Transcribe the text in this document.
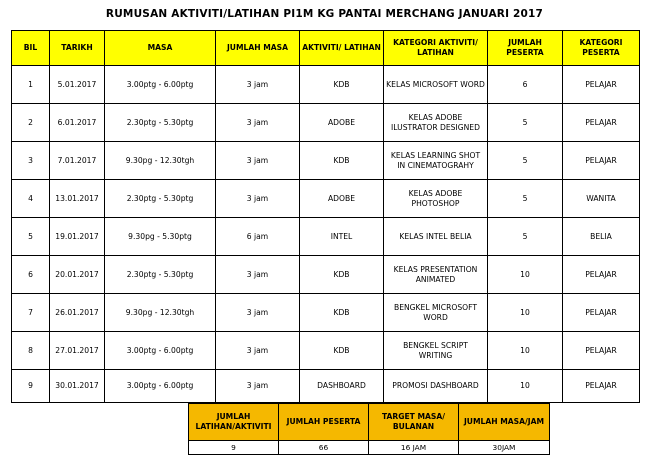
RUMUSAN AKTIVITI/LATIHAN PI1M KG PANTAI MERCHANG JANUARI 2017
BIL	TARIKH	MASA	JUMLAH MASA	AKTIVITI/ LATIHAN	KATEGORI AKTIVITI/ LATIHAN	JUMLAH PESERTA	KATEGORI PESERTA
1	5.01.2017	3.00ptg - 6.00ptg	3 jam	KDB	KELAS MICROSOFT WORD	6	PELAJAR
2	6.01.2017	2.30ptg - 5.30ptg	3 jam	ADOBE	KELAS ADOBE ILUSTRATOR DESIGNED	5	PELAJAR
3	7.01.2017	9.30pg - 12.30tgh	3 jam	KDB	KELAS LEARNING SHOT IN CINEMATOGRAHY	5	PELAJAR
4	13.01.2017	2.30ptg - 5.30ptg	3 jam	ADOBE	KELAS ADOBE PHOTOSHOP	5	WANITA
5	19.01.2017	9.30pg - 5.30ptg	6 jam	INTEL	KELAS INTEL BELIA	5	BELIA
6	20.01.2017	2.30ptg - 5.30ptg	3 jam	KDB	KELAS PRESENTATION ANIMATED	10	PELAJAR
7	26.01.2017	9.30pg - 12.30tgh	3 jam	KDB	BENGKEL MICROSOFT WORD	10	PELAJAR
8	27.01.2017	3.00ptg - 6.00ptg	3 jam	KDB	BENGKEL SCRIPT WRITING	10	PELAJAR
9	30.01.2017	3.00ptg - 6.00ptg	3 jam	DASHBOARD	PROMOSI DASHBOARD	10	PELAJAR
JUMLAH LATIHAN/AKTIVITI	JUMLAH PESERTA	TARGET MASA/ BULANAN	JUMLAH MASA/JAM
9	66	16 JAM	30JAM
